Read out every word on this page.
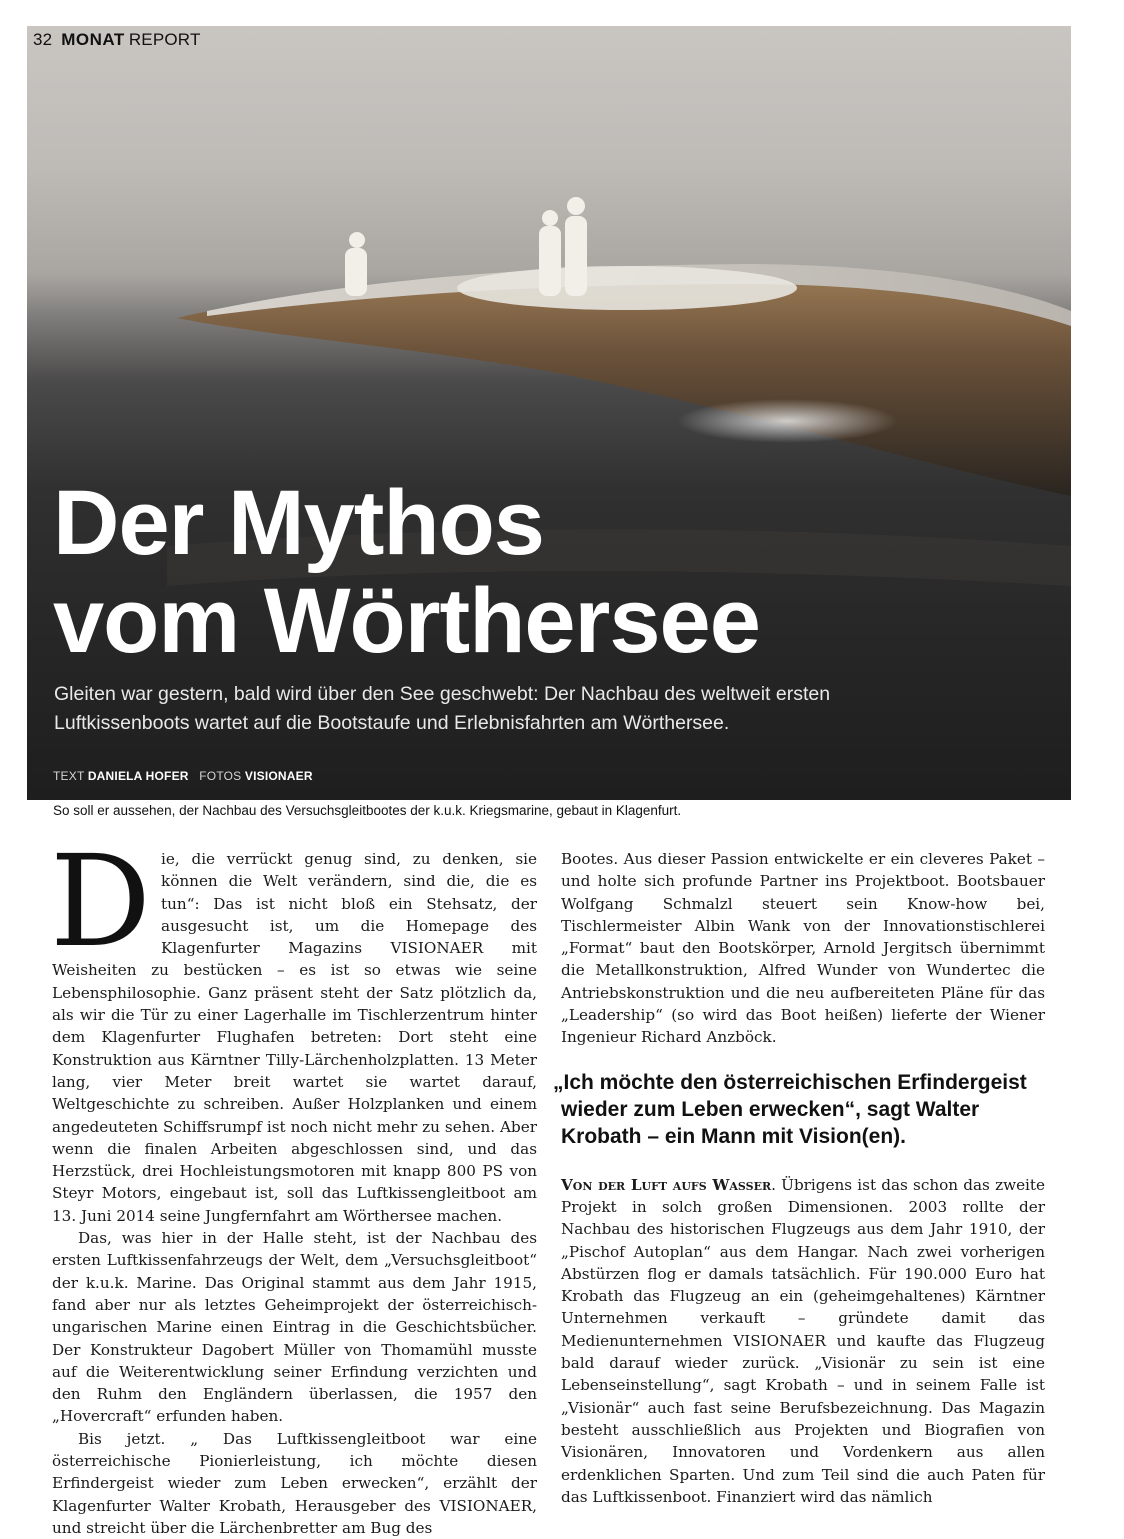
32 MONAT REPORT
Der Mythos
vom Wörthersee
Gleiten war gestern, bald wird über den See geschwebt: Der Nachbau des weltweit ersten Luftkissenboots wartet auf die Bootstaufe und Erlebnisfahrten am Wörthersee.
TEXT DANIELA HOFER FOTOS VISIONAER
So soll er aussehen, der Nachbau des Versuchsgleitbootes der k.u.k. Kriegsmarine, gebaut in Klagenfurt.

Die, die verrückt genug sind, zu denken, sie können die Welt verändern, sind die, die es tun“: Das ist nicht bloß ein Stehsatz, der ausgesucht ist, um die Homepage des Klagenfurter Magazins VISIONAER mit Weisheiten zu bestücken – es ist so etwas wie seine Lebensphilosophie. Ganz präsent steht der Satz plötzlich da, als wir die Tür zu einer Lagerhalle im Tischlerzentrum hinter dem Klagenfurter Flughafen betreten: Dort steht eine Konstruktion aus Kärntner Tilly-Lärchenholzplatten. 13 Meter lang, vier Meter breit wartet sie wartet darauf, Weltgeschichte zu schreiben. Außer Holzplanken und einem angedeuteten Schiffsrumpf ist noch nicht mehr zu sehen. Aber wenn die finalen Arbeiten abgeschlossen sind, und das Herzstück, drei Hochleistungsmotoren mit knapp 800 PS von Steyr Motors, eingebaut ist, soll das Luftkissengleitboot am 13. Juni 2014 seine Jungfernfahrt am Wörthersee machen.

Das, was hier in der Halle steht, ist der Nachbau des ersten Luftkissenfahrzeugs der Welt, dem „Versuchsgleitboot“ der k.u.k. Marine. Das Original stammt aus dem Jahr 1915, fand aber nur als letztes Geheimprojekt der österreichisch-ungarischen Marine einen Eintrag in die Geschichtsbücher. Der Konstrukteur Dagobert Müller von Thomamühl musste auf die Weiterentwicklung seiner Erfindung verzichten und den Ruhm den Engländern überlassen, die 1957 den „Hovercraft“ erfunden haben.

Bis jetzt. „ Das Luftkissengleitboot war eine österreichische Pionierleistung, ich möchte diesen Erfindergeist wieder zum Leben erwecken“, erzählt der Klagenfurter Walter Krobath, Herausgeber des VISIONAER, und streicht über die Lärchenbretter am Bug des

Bootes. Aus dieser Passion entwickelte er ein cleveres Paket – und holte sich profunde Partner ins Projektboot. Bootsbauer Wolfgang Schmalzl steuert sein Know-how bei, Tischlermeister Albin Wank von der Innovationstischlerei „Format“ baut den Bootskörper, Arnold Jergitsch übernimmt die Metallkonstruktion, Alfred Wunder von Wundertec die Antriebskonstruktion und die neu aufbereiteten Pläne für das „Leadership“ (so wird das Boot heißen) lieferte der Wiener Ingenieur Richard Anzböck.

„Ich möchte den österreichischen Erfindergeist wieder zum Leben erwecken“, sagt Walter Krobath – ein Mann mit Vision(en).

Von der Luft aufs Wasser. Übrigens ist das schon das zweite Projekt in solch großen Dimensionen. 2003 rollte der Nachbau des historischen Flugzeugs aus dem Jahr 1910, der „Pischof Autoplan“ aus dem Hangar. Nach zwei vorherigen Abstürzen flog er damals tatsächlich. Für 190.000 Euro hat Krobath das Flugzeug an ein (geheimgehaltenes) Kärntner Unternehmen verkauft – gründete damit das Medienunternehmen VISIONAER und kaufte das Flugzeug bald darauf wieder zurück. „Visionär zu sein ist eine Lebenseinstellung“, sagt Krobath – und in seinem Falle ist „Visionär“ auch fast seine Berufsbezeichnung. Das Magazin besteht ausschließlich aus Projekten und Biografien von Visionären, Innovatoren und Vordenkern aus allen erdenklichen Sparten. Und zum Teil sind die auch Paten für das Luftkissenboot. Finanziert wird das nämlich
